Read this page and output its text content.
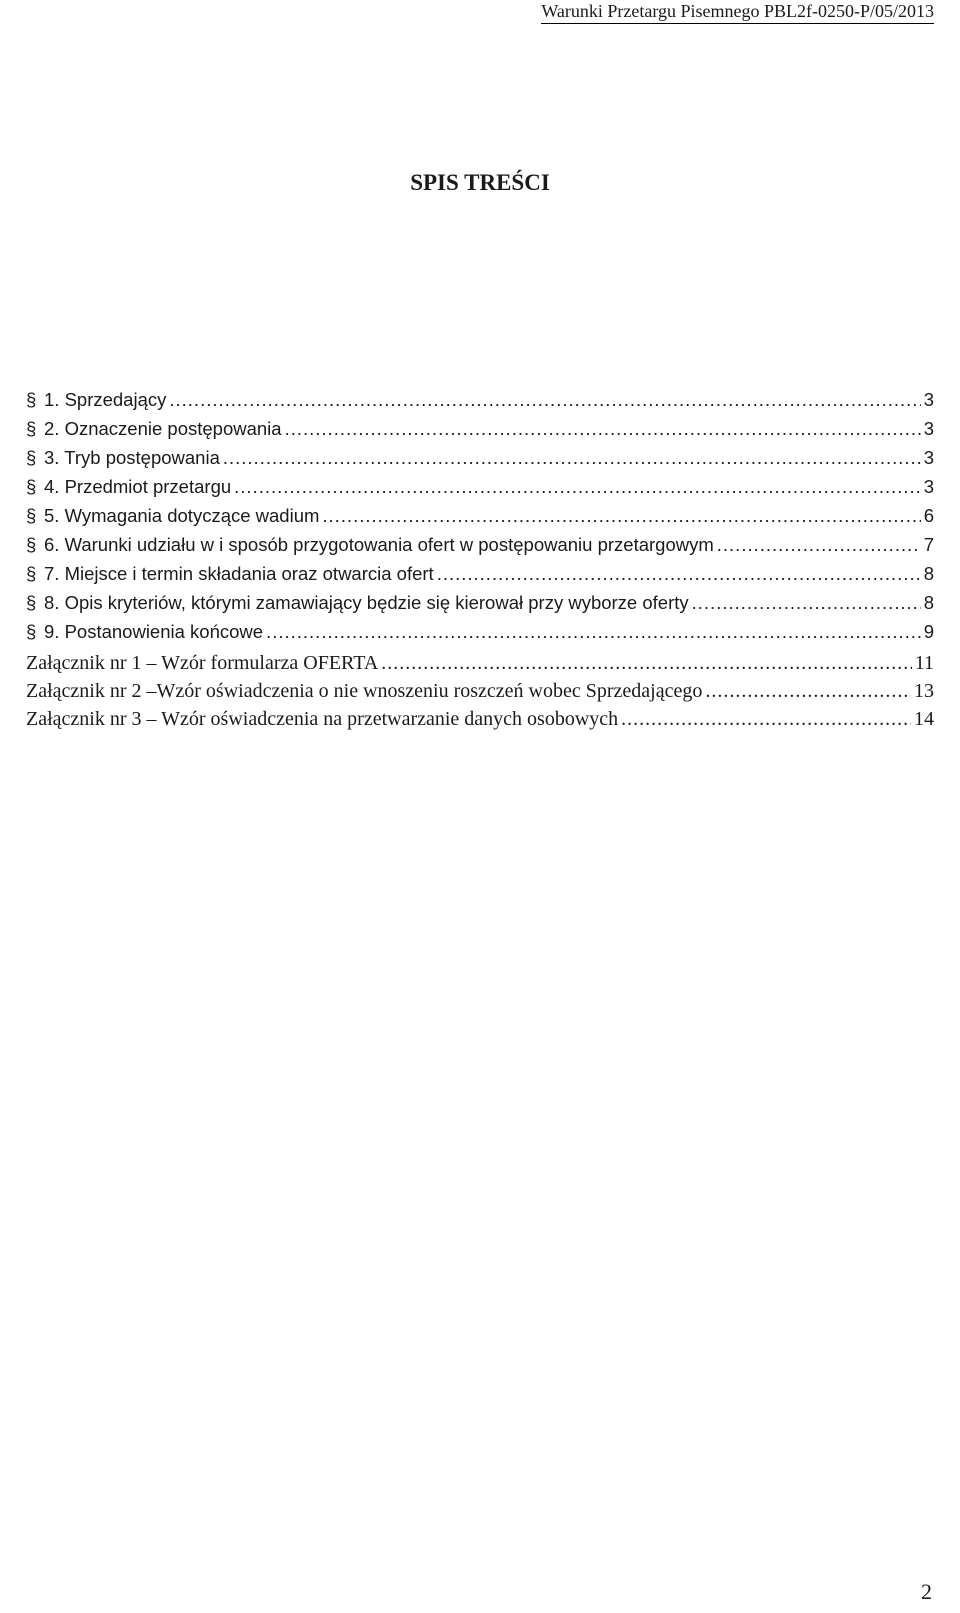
Warunki Przetargu Pisemnego PBL2f-0250-P/05/2013
SPIS TREŚCI
§ 1. Sprzedający .....	3
§ 2. Oznaczenie postępowania .....	3
§ 3. Tryb postępowania .....	3
§ 4. Przedmiot przetargu .....	3
§ 5. Wymagania dotyczące wadium .....	6
§ 6. Warunki udziału w i sposób przygotowania ofert w postępowaniu przetargowym .....	7
§ 7. Miejsce i termin składania oraz otwarcia ofert .....	8
§ 8. Opis kryteriów, którymi zamawiający będzie się kierował przy wyborze oferty .....	8
§ 9. Postanowienia końcowe .....	9
Załącznik nr 1 – Wzór formularza OFERTA .....	11
Załącznik nr 2 –Wzór oświadczenia o nie wnoszeniu roszczeń wobec Sprzedającego .....	13
Załącznik nr 3 – Wzór oświadczenia na przetwarzanie danych osobowych .....	14
2
